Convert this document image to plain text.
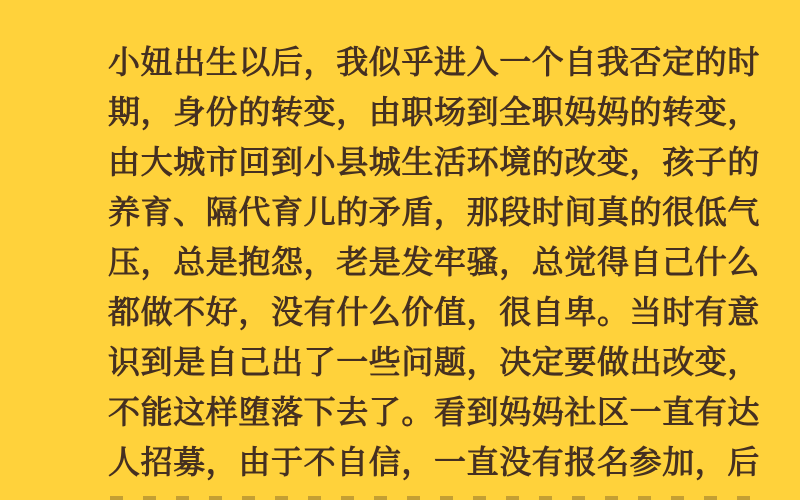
小妞出生以后，我似乎进入一个自我否定的时
期，身份的转变，由职场到全职妈妈的转变，
由大城市回到小县城生活环境的改变，孩子的
养育、隔代育儿的矛盾，那段时间真的很低气
压，总是抱怨，老是发牢骚，总觉得自己什么
都做不好，没有什么价值，很自卑。当时有意
识到是自己出了一些问题，决定要做出改变，
不能这样堕落下去了。看到妈妈社区一直有达
人招募，由于不自信，一直没有报名参加，后
